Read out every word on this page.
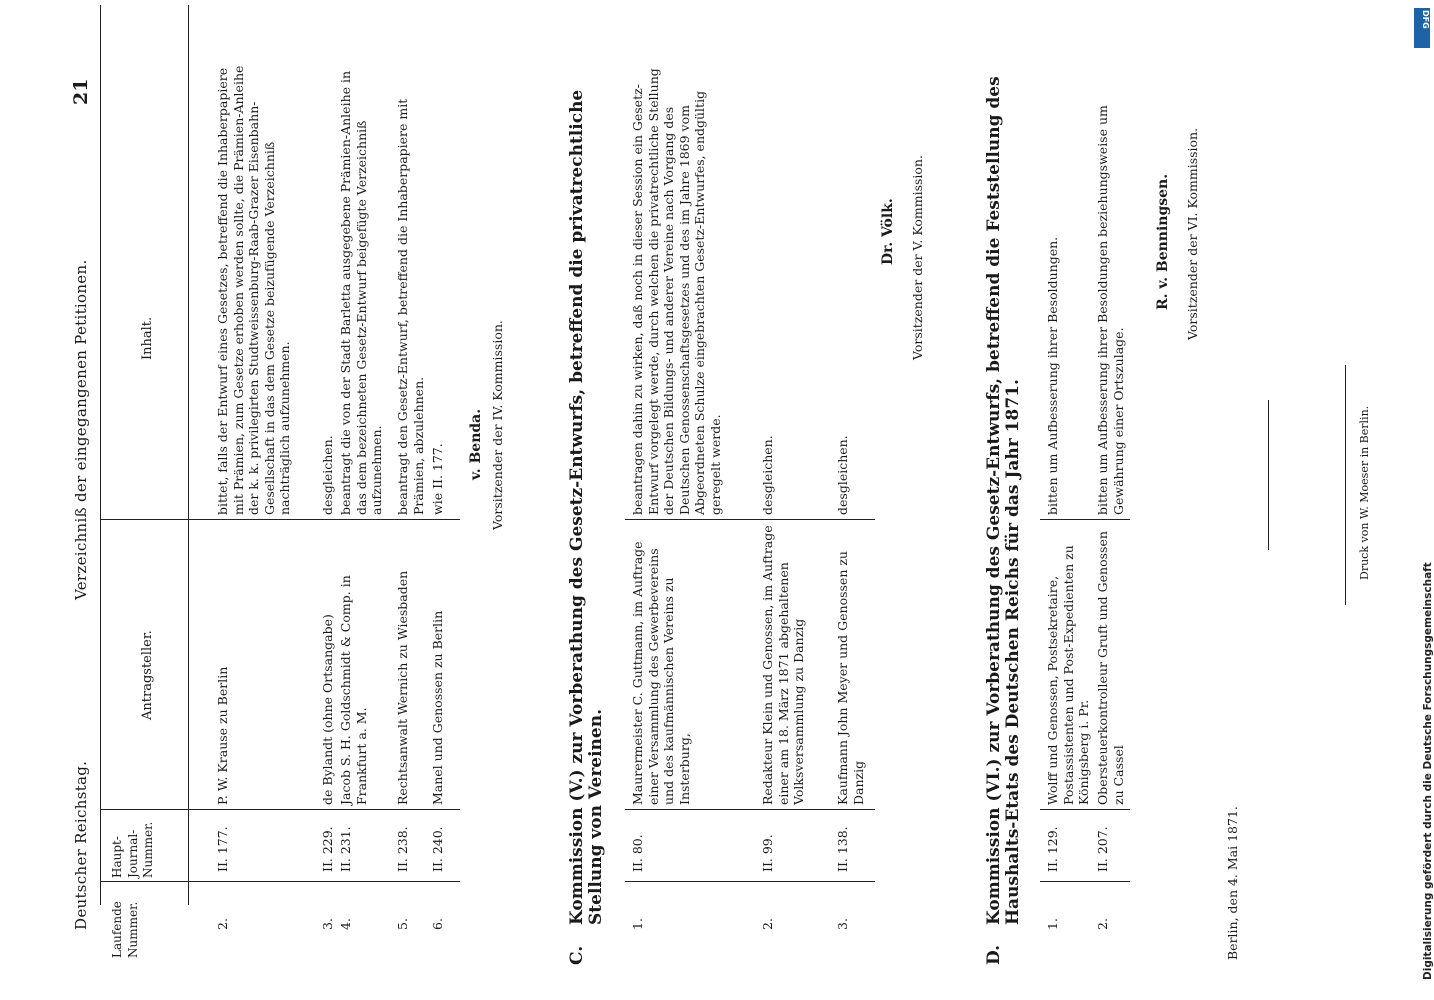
Deutscher Reichstag.
Verzeichniß der eingegangenen Petitionen.
21
Laufende Nummer.
Haupt-Journal-Nummer.
Antragsteller.
Inhalt.
2.
II. 177.
P. W. Krause zu Berlin
bittet, falls der Entwurf eines Gesetzes, betreffend die Inhaberpapiere mit Prämien, zum Gesetze erhoben werden sollte, die Prämien-Anleihe der k. k. privilegirten Studtweissenburg-Raab-Grazer Eisenbahn-Gesellschaft in das dem Gesetze beizufügende Verzeichniß nachträglich aufzunehmen.
3.
II. 229.
de Bylandt (ohne Ortsangabe)
desgleichen.
4.
II. 231.
Jacob S. H. Goldschmidt & Comp. in Frankfurt a. M.
beantragt die von der Stadt Barletta ausgegebene Prämien-Anleihe in das dem bezeichneten Gesetz-Entwurf beigefügte Verzeichniß aufzunehmen.
5.
II. 238.
Rechtsanwalt Wernich zu Wiesbaden
beantragt den Gesetz-Entwurf, betreffend die Inhaberpapiere mit Prämien, abzulehnen.
6.
II. 240.
Manel und Genossen zu Berlin
wie II. 177. v. Benda. Vorsitzender der IV. Kommission.
C.
Kommission (V.) zur Vorberathung des Gesetz-Entwurfs, betreffend die privatrechtliche Stellung von Vereinen. 1.
II. 80.
Maurermeister C. Guttmann, im Auftrage einer Versammlung des Gewerbevereins und des kaufmännischen Vereins zu Insterburg,
beantragen dahin zu wirken, daß noch in dieser Session ein Gesetz-Entwurf vorgelegt werde, durch welchen die privatrechtliche Stellung der Deutschen Bildungs- und anderer Vereine nach Vorgang des Deutschen Genossenschaftsgesetzes und des im Jahre 1869 vom Abgeordneten Schulze eingebrachten Gesetz-Entwurfes, endgültig geregelt werde.
2.
II. 99.
Redakteur Klein und Genossen, im Auftrage einer am 18. März 1871 abgehaltenen Volksversammlung zu Danzig
desgleichen.
3.
II. 138.
Kaufmann John Meyer und Genossen zu Danzig
desgleichen.
Dr. Völk. Vorsitzender der V. Kommission.
D.
Kommission (VI.) zur Vorberathung des Gesetz-Entwurfs, betreffend die Feststellung des Haushalts-Etats des Deutschen Reichs für das Jahr 1871. 1.
II. 129.
Wolff und Genossen, Postsekretaire, Postassistenten und Post-Expedienten zu Königsberg i. Pr.
bitten um Aufbesserung ihrer Besoldungen.
2.
II. 207.
Obersteuerkontrolleur Gruft und Genossen zu Cassel
bitten um Aufbesserung ihrer Besoldungen beziehungsweise um Gewährung einer Ortszulage.
R. v. Benningsen. Vorsitzender der VI. Kommission.
Berlin, den 4. Mai 1871.
Druck von W. Moeser in Berlin.
DFG
Digitalisierung gefördert durch die Deutsche Forschungsgemeinschaft
